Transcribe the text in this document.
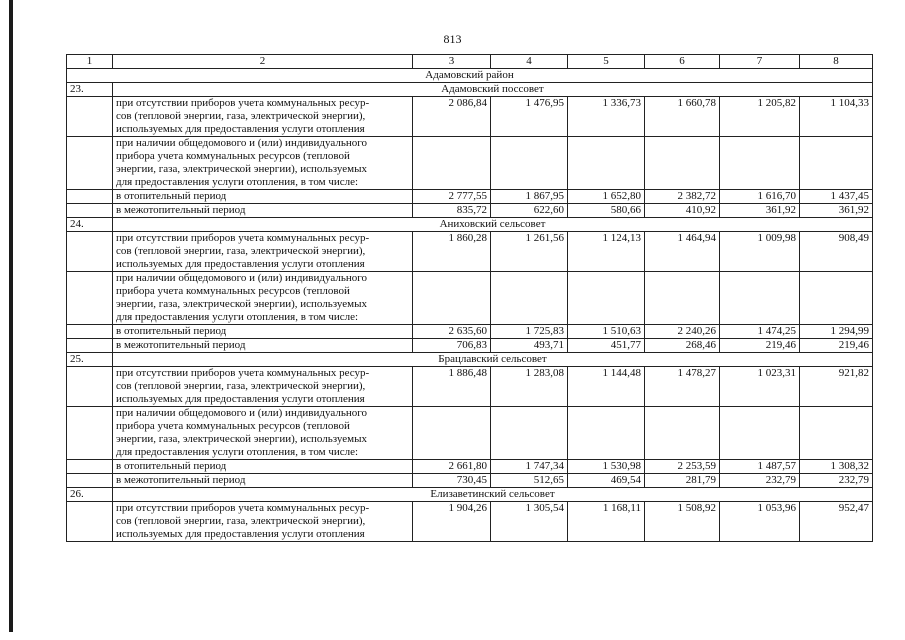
813
1	2	3	4	5	6	7	8
Адамовский район							
23.	Адамовский поссовет						
	при отсутствии приборов учета коммунальных ресур-
сов (тепловой энергии, газа, электрической энергии),
используемых для предоставления услуги отопления	2 086,84	1 476,95	1 336,73	1 660,78	1 205,82	1 104,33
	при наличии общедомового и (или) индивидуального
прибора учета коммунальных ресурсов (тепловой
энергии, газа, электрической энергии), используемых
для предоставления услуги отопления, в том числе:						
	в отопительный период	2 777,55	1 867,95	1 652,80	2 382,72	1 616,70	1 437,45
	в межотопительный период	835,72	622,60	580,66	410,92	361,92	361,92
24.	Аниховский сельсовет						
	при отсутствии приборов учета коммунальных ресур-
сов (тепловой энергии, газа, электрической энергии),
используемых для предоставления услуги отопления	1 860,28	1 261,56	1 124,13	1 464,94	1 009,98	908,49
	при наличии общедомового и (или) индивидуального
прибора учета коммунальных ресурсов (тепловой
энергии, газа, электрической энергии), используемых
для предоставления услуги отопления, в том числе:						
	в отопительный период	2 635,60	1 725,83	1 510,63	2 240,26	1 474,25	1 294,99
	в межотопительный период	706,83	493,71	451,77	268,46	219,46	219,46
25.	Брацлавский сельсовет						
	при отсутствии приборов учета коммунальных ресур-
сов (тепловой энергии, газа, электрической энергии),
используемых для предоставления услуги отопления	1 886,48	1 283,08	1 144,48	1 478,27	1 023,31	921,82
	при наличии общедомового и (или) индивидуального
прибора учета коммунальных ресурсов (тепловой
энергии, газа, электрической энергии), используемых
для предоставления услуги отопления, в том числе:						
	в отопительный период	2 661,80	1 747,34	1 530,98	2 253,59	1 487,57	1 308,32
	в межотопительный период	730,45	512,65	469,54	281,79	232,79	232,79
26.	Елизаветинский сельсовет						
	при отсутствии приборов учета коммунальных ресур-
сов (тепловой энергии, газа, электрической энергии),
используемых для предоставления услуги отопления	1 904,26	1 305,54	1 168,11	1 508,92	1 053,96	952,47
